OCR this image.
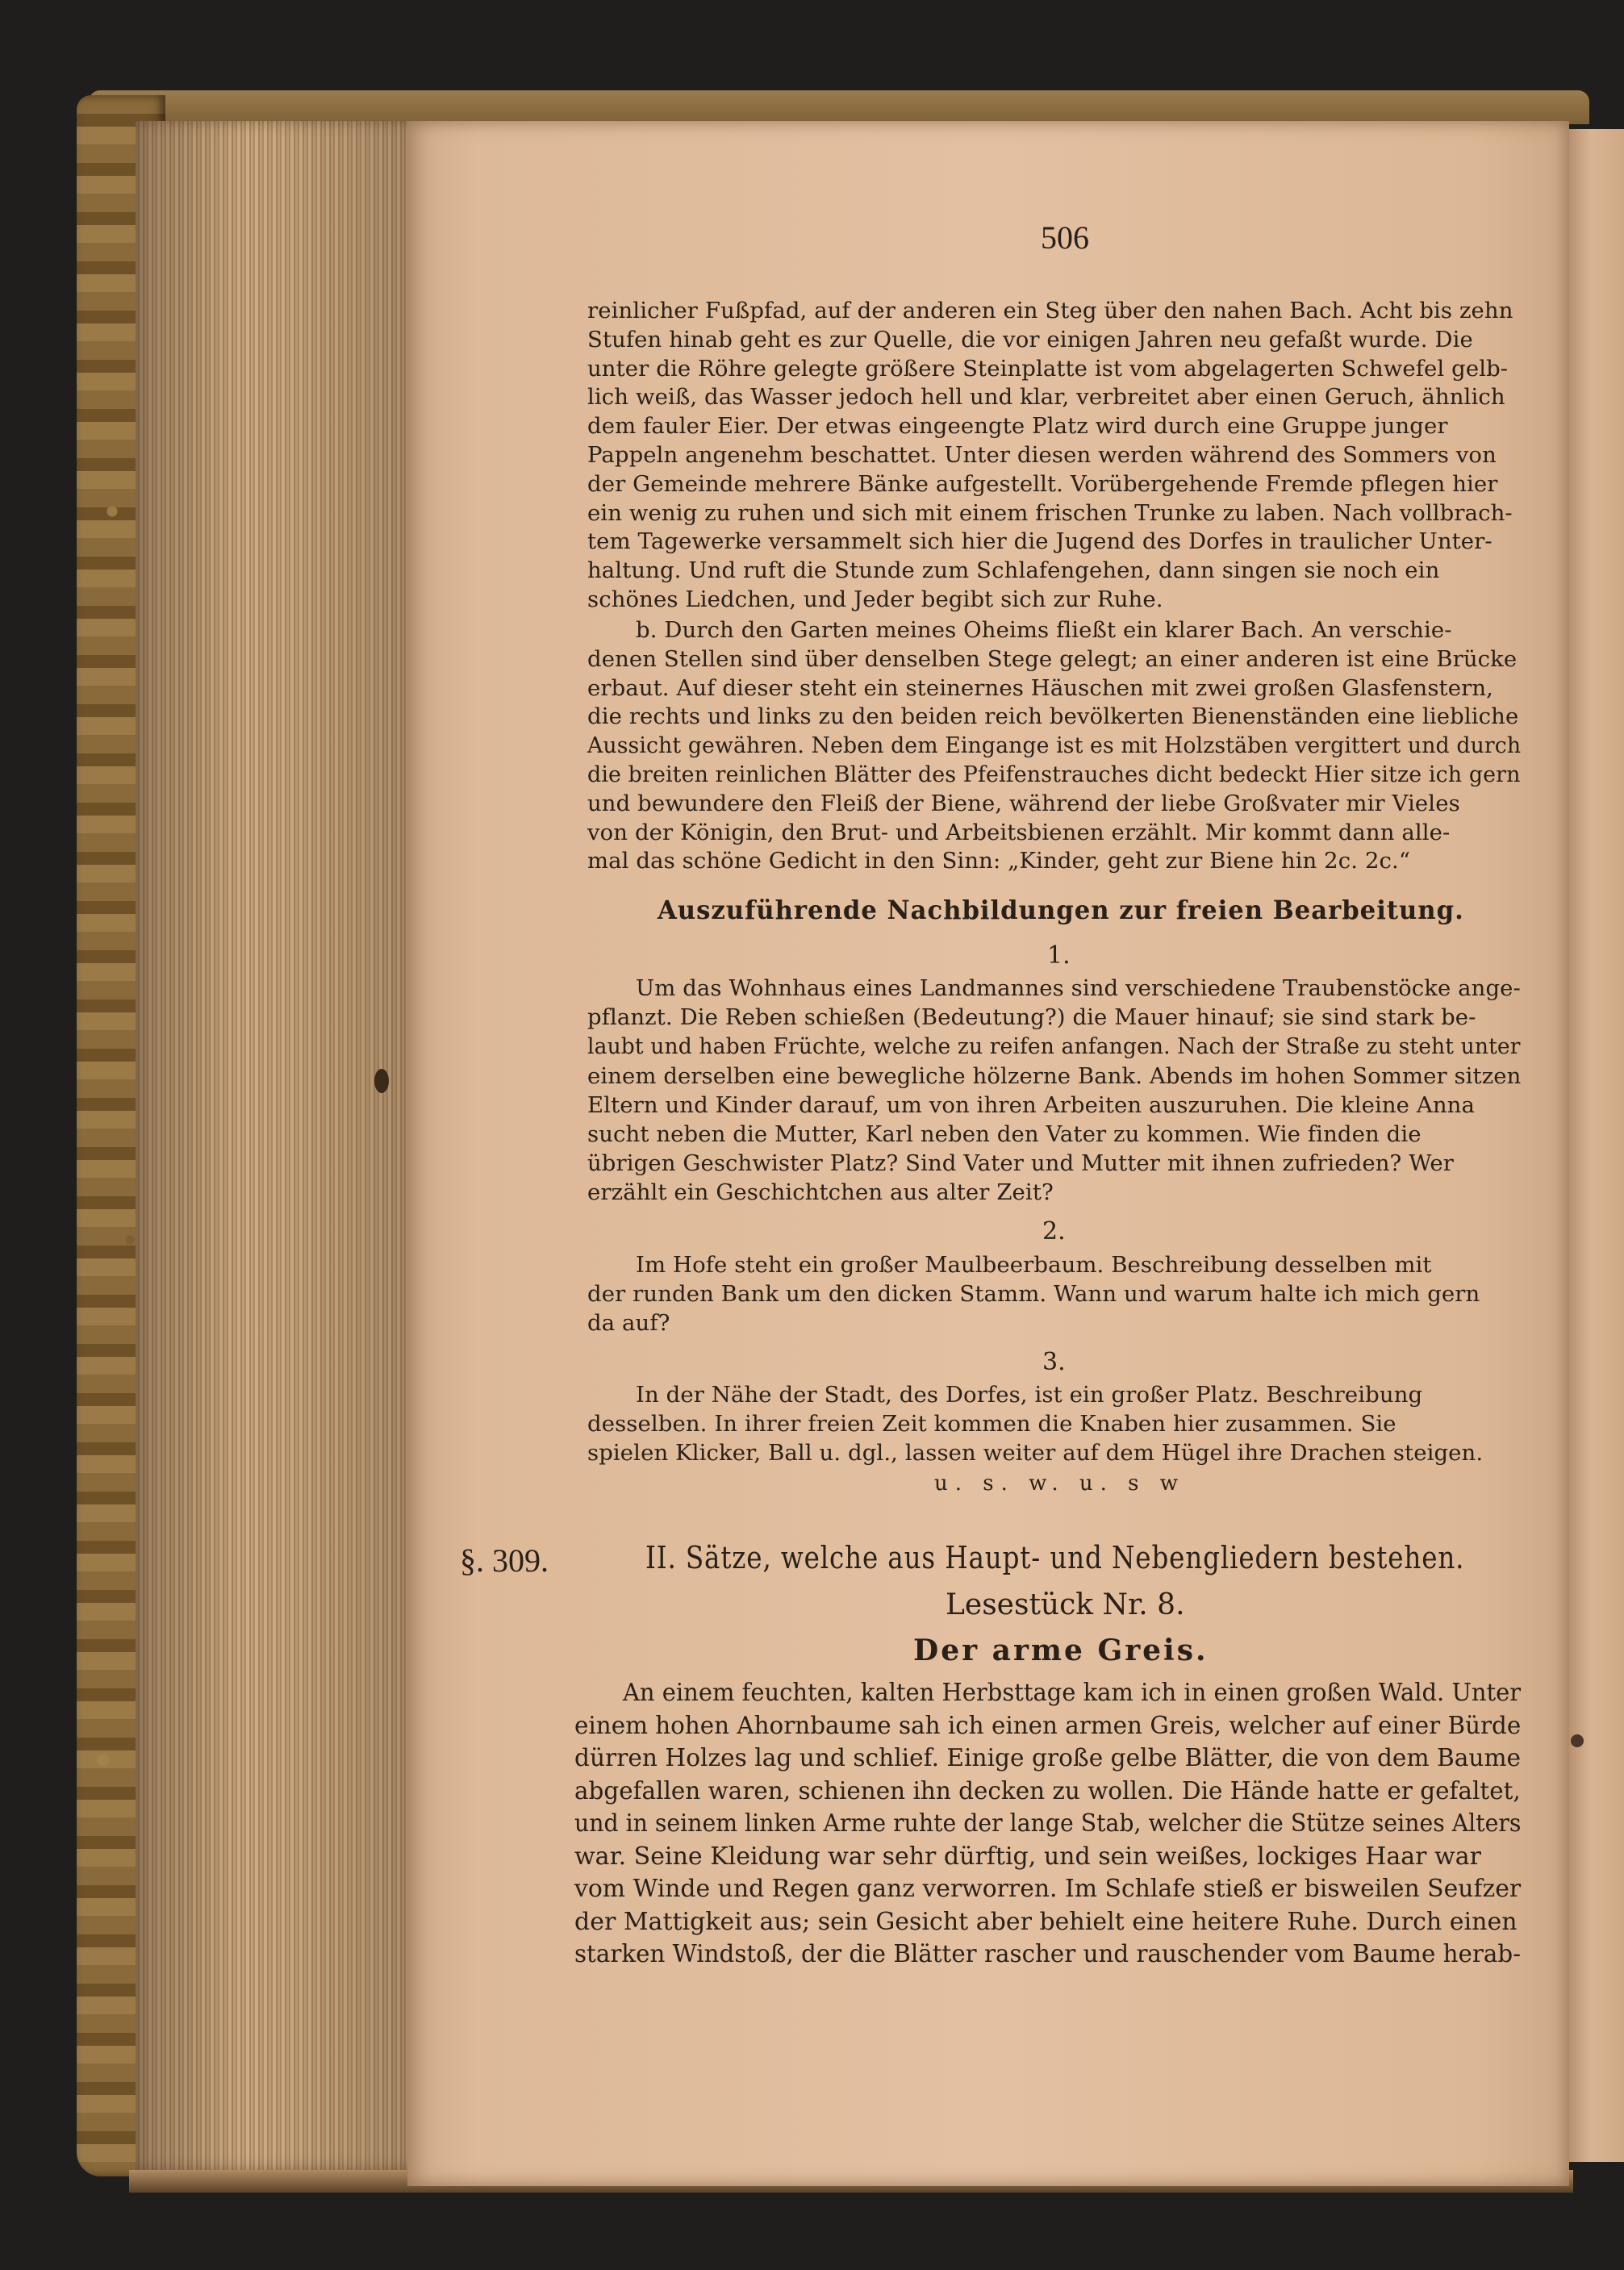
506
reinlicher Fußpfad, auf der anderen ein Steg über den nahen Bach. Acht bis zehn
Stufen hinab geht es zur Quelle, die vor einigen Jahren neu gefaßt wurde. Die
unter die Röhre gelegte größere Steinplatte ist vom abgelagerten Schwefel gelb-
lich weiß, das Wasser jedoch hell und klar, verbreitet aber einen Geruch, ähnlich
dem fauler Eier. Der etwas eingeengte Platz wird durch eine Gruppe junger
Pappeln angenehm beschattet. Unter diesen werden während des Sommers von
der Gemeinde mehrere Bänke aufgestellt. Vorübergehende Fremde pflegen hier
ein wenig zu ruhen und sich mit einem frischen Trunke zu laben. Nach vollbrach-
tem Tagewerke versammelt sich hier die Jugend des Dorfes in traulicher Unter-
haltung. Und ruft die Stunde zum Schlafengehen, dann singen sie noch ein
schönes Liedchen, und Jeder begibt sich zur Ruhe.
b. Durch den Garten meines Oheims fließt ein klarer Bach. An verschie-
denen Stellen sind über denselben Stege gelegt; an einer anderen ist eine Brücke
erbaut. Auf dieser steht ein steinernes Häuschen mit zwei großen Glasfenstern,
die rechts und links zu den beiden reich bevölkerten Bienenständen eine liebliche
Aussicht gewähren. Neben dem Eingange ist es mit Holzstäben vergittert und durch
die breiten reinlichen Blätter des Pfeifenstrauches dicht bedeckt Hier sitze ich gern
und bewundere den Fleiß der Biene, während der liebe Großvater mir Vieles
von der Königin, den Brut- und Arbeitsbienen erzählt. Mir kommt dann alle-
mal das schöne Gedicht in den Sinn: „Kinder, geht zur Biene hin 2c. 2c.“
Auszuführende Nachbildungen zur freien Bearbeitung.
1.
Um das Wohnhaus eines Landmannes sind verschiedene Traubenstöcke ange-
pflanzt. Die Reben schießen (Bedeutung?) die Mauer hinauf; sie sind stark be-
laubt und haben Früchte, welche zu reifen anfangen. Nach der Straße zu steht unter
einem derselben eine bewegliche hölzerne Bank. Abends im hohen Sommer sitzen
Eltern und Kinder darauf, um von ihren Arbeiten auszuruhen. Die kleine Anna
sucht neben die Mutter, Karl neben den Vater zu kommen. Wie finden die
übrigen Geschwister Platz? Sind Vater und Mutter mit ihnen zufrieden? Wer
erzählt ein Geschichtchen aus alter Zeit?
2.
Im Hofe steht ein großer Maulbeerbaum. Beschreibung desselben mit
der runden Bank um den dicken Stamm. Wann und warum halte ich mich gern
da auf?
3.
In der Nähe der Stadt, des Dorfes, ist ein großer Platz. Beschreibung
desselben. In ihrer freien Zeit kommen die Knaben hier zusammen. Sie
spielen Klicker, Ball u. dgl., lassen weiter auf dem Hügel ihre Drachen steigen.
u. s. w. u. s w
§. 309.	II. Sätze, welche aus Haupt- und Nebengliedern bestehen.
Lesestück Nr. 8.
Der arme Greis.
An einem feuchten, kalten Herbsttage kam ich in einen großen Wald. Unter
einem hohen Ahornbaume sah ich einen armen Greis, welcher auf einer Bürde
dürren Holzes lag und schlief. Einige große gelbe Blätter, die von dem Baume
abgefallen waren, schienen ihn decken zu wollen. Die Hände hatte er gefaltet,
und in seinem linken Arme ruhte der lange Stab, welcher die Stütze seines Alters
war. Seine Kleidung war sehr dürftig, und sein weißes, lockiges Haar war
vom Winde und Regen ganz verworren. Im Schlafe stieß er bisweilen Seufzer
der Mattigkeit aus; sein Gesicht aber behielt eine heitere Ruhe. Durch einen
starken Windstoß, der die Blätter rascher und rauschender vom Baume herab-
